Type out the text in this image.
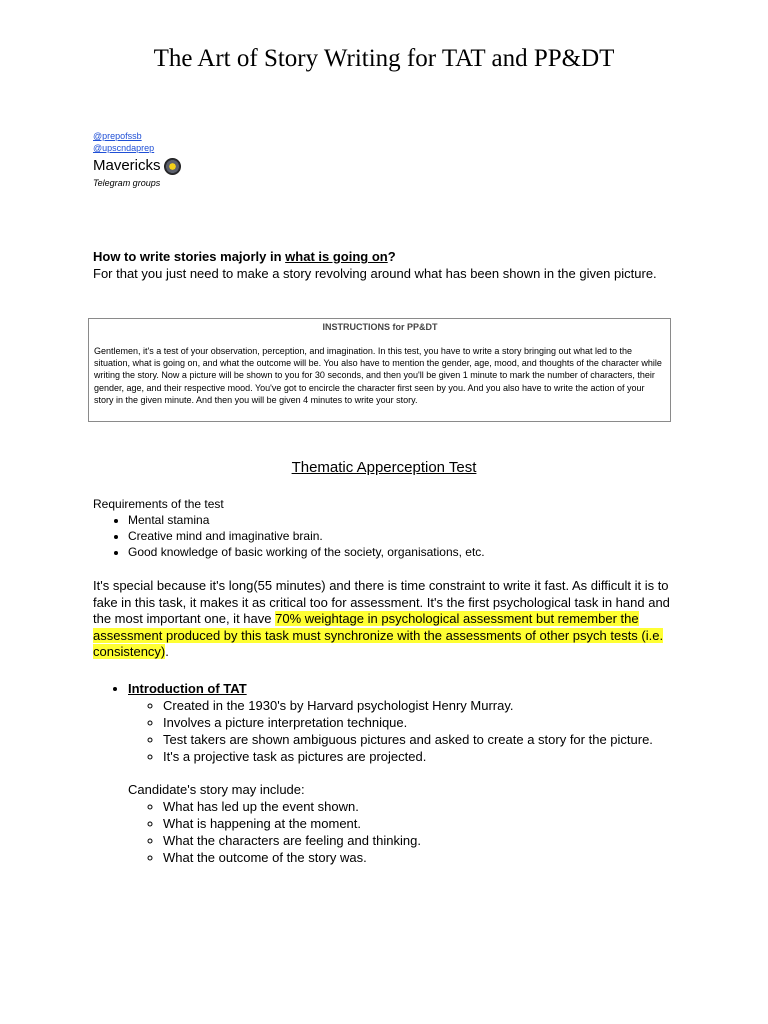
The Art of Story Writing for TAT and PP&DT
@prepofssb
@upscndaprep
Mavericks
Telegram groups
How to write stories majorly in what is going on?
For that you just need to make a story revolving around what has been shown in the given picture.
INSTRUCTIONS for PP&DT
Gentlemen, it's a test of your observation, perception, and imagination. In this test, you have to write a story bringing out what led to the situation, what is going on, and what the outcome will be. You also have to mention the gender, age, mood, and thoughts of the character while writing the story. Now a picture will be shown to you for 30 seconds, and then you'll be given 1 minute to mark the number of characters, their gender, age, and their respective mood. You've got to encircle the character first seen by you. And you also have to write the action of your story in the given minute. And then you will be given 4 minutes to write your story.
Thematic Apperception Test
Requirements of the test
• Mental stamina
• Creative mind and imaginative brain.
• Good knowledge of basic working of the society, organisations, etc.
It's special because it's long(55 minutes) and there is time constraint to write it fast. As difficult it is to fake in this task, it makes it as critical too for assessment. It's the first psychological task in hand and the most important one, it have 70% weightage in psychological assessment but remember the assessment produced by this task must synchronize with the assessments of other psych tests (i.e. consistency).
• Introduction of TAT
◦ Created in the 1930's by Harvard psychologist Henry Murray.
◦ Involves a picture interpretation technique.
◦ Test takers are shown ambiguous pictures and asked to create a story for the picture.
◦ It's a projective task as pictures are projected.
Candidate's story may include:
◦ What has led up the event shown.
◦ What is happening at the moment.
◦ What the characters are feeling and thinking.
◦ What the outcome of the story was.
